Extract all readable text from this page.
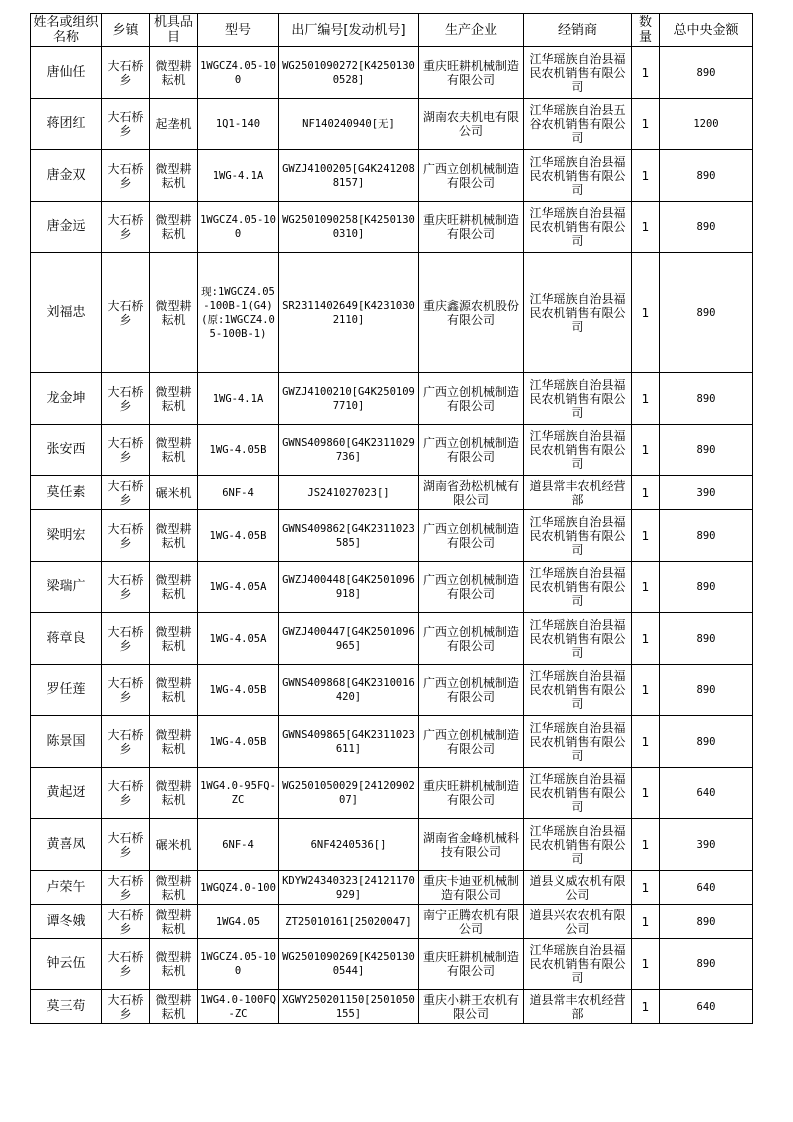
姓名或组织名称	乡镇	机具品目	型号	出厂编号[发动机号]	生产企业	经销商	数量	总中央金额
唐仙任	大石桥乡	微型耕耘机	1WGCZ4.05-100	WG2501090272[K42501300528]	重庆旺耕机械制造有限公司	江华瑶族自治县福民农机销售有限公司	1	890
蒋团红	大石桥乡	起垄机	1Q1-140	NF140240940[无]	湖南农夫机电有限公司	江华瑶族自治县五谷农机销售有限公司	1	1200
唐金双	大石桥乡	微型耕耘机	1WG-4.1A	GWZJ4100205[G4K2412088157]	广西立创机械制造有限公司	江华瑶族自治县福民农机销售有限公司	1	890
唐金远	大石桥乡	微型耕耘机	1WGCZ4.05-100	WG2501090258[K42501300310]	重庆旺耕机械制造有限公司	江华瑶族自治县福民农机销售有限公司	1	890
刘福忠	大石桥乡	微型耕耘机	现:1WGCZ4.05-100B-1(G4)(原:1WGCZ4.05-100B-1)	SR2311402649[K42310302110]	重庆鑫源农机股份有限公司	江华瑶族自治县福民农机销售有限公司	1	890
龙金坤	大石桥乡	微型耕耘机	1WG-4.1A	GWZJ4100210[G4K2501097710]	广西立创机械制造有限公司	江华瑶族自治县福民农机销售有限公司	1	890
张安西	大石桥乡	微型耕耘机	1WG-4.05B	GWNS409860[G4K2311029736]	广西立创机械制造有限公司	江华瑶族自治县福民农机销售有限公司	1	890
莫任素	大石桥乡	碾米机	6NF-4	JS241027023[]	湖南省劲松机械有限公司	道县常丰农机经营部	1	390
梁明宏	大石桥乡	微型耕耘机	1WG-4.05B	GWNS409862[G4K2311023585]	广西立创机械制造有限公司	江华瑶族自治县福民农机销售有限公司	1	890
梁瑞广	大石桥乡	微型耕耘机	1WG-4.05A	GWZJ400448[G4K2501096918]	广西立创机械制造有限公司	江华瑶族自治县福民农机销售有限公司	1	890
蒋章良	大石桥乡	微型耕耘机	1WG-4.05A	GWZJ400447[G4K2501096965]	广西立创机械制造有限公司	江华瑶族自治县福民农机销售有限公司	1	890
罗任莲	大石桥乡	微型耕耘机	1WG-4.05B	GWNS409868[G4K2310016420]	广西立创机械制造有限公司	江华瑶族自治县福民农机销售有限公司	1	890
陈景国	大石桥乡	微型耕耘机	1WG-4.05B	GWNS409865[G4K2311023611]	广西立创机械制造有限公司	江华瑶族自治县福民农机销售有限公司	1	890
黄起迓	大石桥乡	微型耕耘机	1WG4.0-95FQ-ZC	WG2501050029[2412090207]	重庆旺耕机械制造有限公司	江华瑶族自治县福民农机销售有限公司	1	640
黄喜凤	大石桥乡	碾米机	6NF-4	6NF4240536[]	湖南省金峰机械科技有限公司	江华瑶族自治县福民农机销售有限公司	1	390
卢荣午	大石桥乡	微型耕耘机	1WGQZ4.0-100	KDYW24340323[24121170929]	重庆卡迪亚机械制造有限公司	道县义威农机有限公司	1	640
谭冬娥	大石桥乡	微型耕耘机	1WG4.05	ZT25010161[25020047]	南宁正腾农机有限公司	道县兴农农机有限公司	1	890
钟云伍	大石桥乡	微型耕耘机	1WGCZ4.05-100	WG2501090269[K42501300544]	重庆旺耕机械制造有限公司	江华瑶族自治县福民农机销售有限公司	1	890
莫三苟	大石桥乡	微型耕耘机	1WG4.0-100FQ-ZC	XGWY250201150[2501050155]	重庆小耕王农机有限公司	道县常丰农机经营部	1	640
